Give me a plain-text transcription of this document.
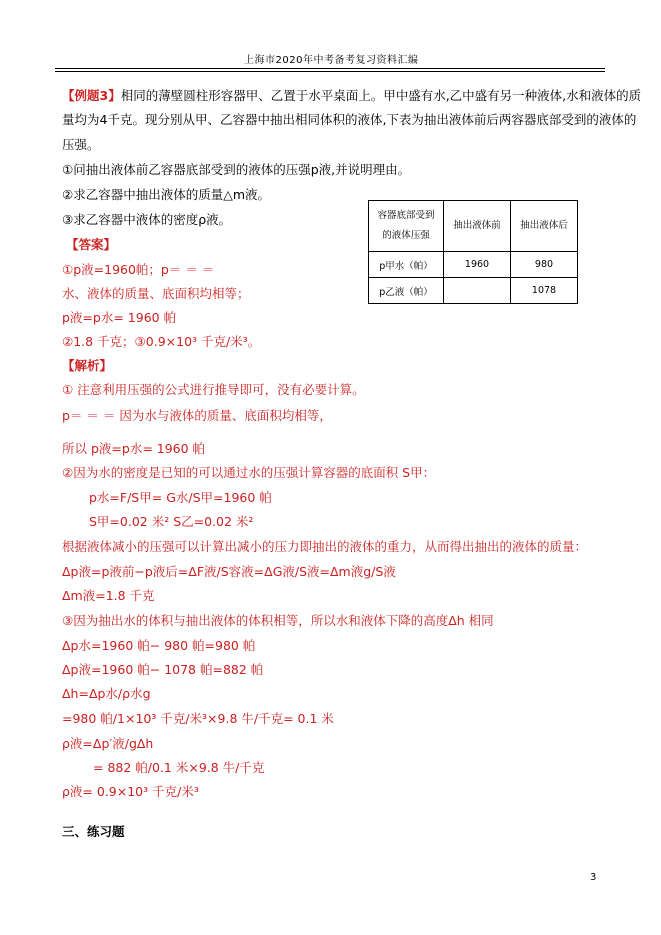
上海市2020年中考备考复习资料汇编
【例题3】相同的薄壁圆柱形容器甲、乙置于水平桌面上。甲中盛有水,乙中盛有另一种液体,水和液体的质
量均为4千克。现分别从甲、乙容器中抽出相同体积的液体,下表为抽出液体前后两容器底部受到的液体的
压强。
①问抽出液体前乙容器底部受到的液体的压强p液,并说明理由。
②求乙容器中抽出液体的质量△m液。
③求乙容器中液体的密度ρ液。	容器底部受到
的液体压强	抽出液体前	抽出液体后
p甲水（帕）	1960	980
p乙液（帕）		1078
【答案】
①p液=1960帕；p＝ ＝ ＝
水、液体的质量、底面积均相等；
p液=p水= 1960 帕
②1.8 千克；③0.9×10³ 千克/米³。
【解析】
① 注意利用压强的公式进行推导即可，没有必要计算。
p＝ ＝ ＝ 因为水与液体的质量、底面积均相等，
所以 p液=p水= 1960 帕
②因为水的密度是已知的可以通过水的压强计算容器的底面积 S甲：
p水=F/S甲= G水/S甲=1960 帕
S甲=0.02 米² S乙=0.02 米²
根据液体减小的压强可以计算出减小的压力即抽出的液体的重力，从而得出抽出的液体的质量：
Δp液=p液前−p液后=ΔF液/S容液=ΔG液/S液=Δm液g/S液
Δm液=1.8 千克
③因为抽出水的体积与抽出液体的体积相等，所以水和液体下降的高度Δh 相同
Δp水=1960 帕− 980 帕=980 帕
Δp液=1960 帕− 1078 帕=882 帕
Δh=Δp水/ρ水g
=980 帕/1×10³ 千克/米³×9.8 牛/千克= 0.1 米
ρ液=Δp′液/gΔh
= 882 帕/0.1 米×9.8 牛/千克
ρ液= 0.9×10³ 千克/米³
三、练习题
3
